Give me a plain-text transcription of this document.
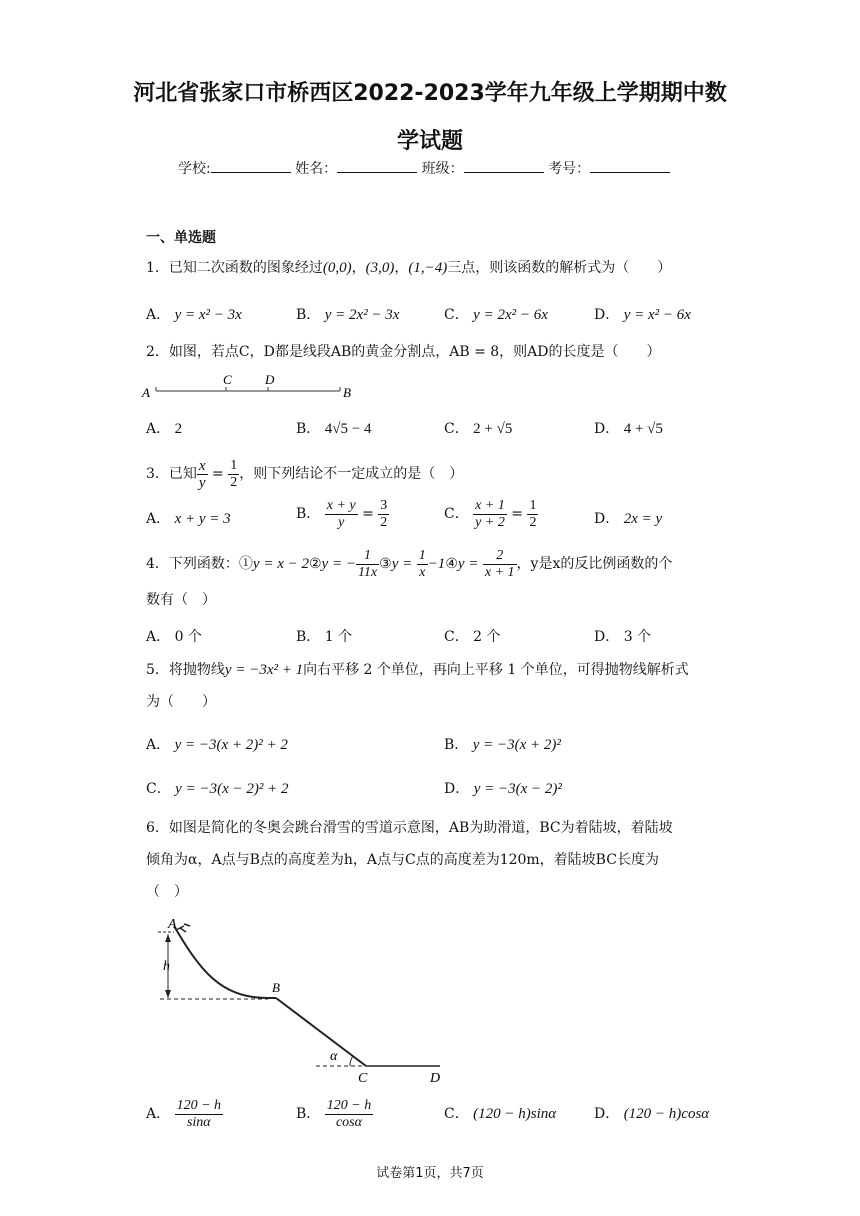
河北省张家口市桥西区2022-2023学年九年级上学期期中数
学试题
学校:	姓名：	班级：	考号：
一、单选题
1．已知二次函数的图象经过(0,0)，(3,0)，(1,−4)三点，则该函数的解析式为（　　）
A． y = x² − 3x	B． y = 2x² − 3x	C． y = 2x² − 6x	D． y = x² − 6x
2．如图，若点C，D都是线段AB的黄金分割点，AB = 8，则AD的长度是（　　）
A	B
C	D
A． 2	B． 4√5 − 4	C． 2 + √5	D． 4 + √5
3．已知 $\frac{x}{y} = \frac{1}{2}$ ，则下列结论不一定成立的是（　）
A． x + y = 3	B． $\frac{x + y}{y} = \frac{3}{2}$	C． $\frac{x + 1}{y + 2} = \frac{1}{2}$	D． 2x = y
4．下列函数：①y = x − 2②y = − $\frac{1}{11x}$ ③y = $\frac{1}{x}$ −1④y = $\frac{2}{x + 1}$ ，y是x的反比例函数的个
数有（　）
A． 0 个	B． 1 个	C． 2 个	D． 3 个
5．将抛物线y = −3x² + 1向右平移 2 个单位，再向上平移 1 个单位，可得抛物线解析式
为（　　）
A． y = −3(x + 2)² + 2	B． y = −3(x + 2)²
C． y = −3(x − 2)² + 2	D． y = −3(x − 2)²
6．如图是简化的冬奥会跳台滑雪的雪道示意图，AB为助滑道，BC为着陆坡，着陆坡
倾角为α，A点与B点的高度差为h，A点与C点的高度差为120m，着陆坡BC长度为
（　）
h
A
B
α
C	D
A． $\frac{120 - h}{\sin\alpha}$	B． $\frac{120 - h}{\cos\alpha}$	C． (120 − h)sinα	D． (120 − h)cosα
试卷第1页，共7页
